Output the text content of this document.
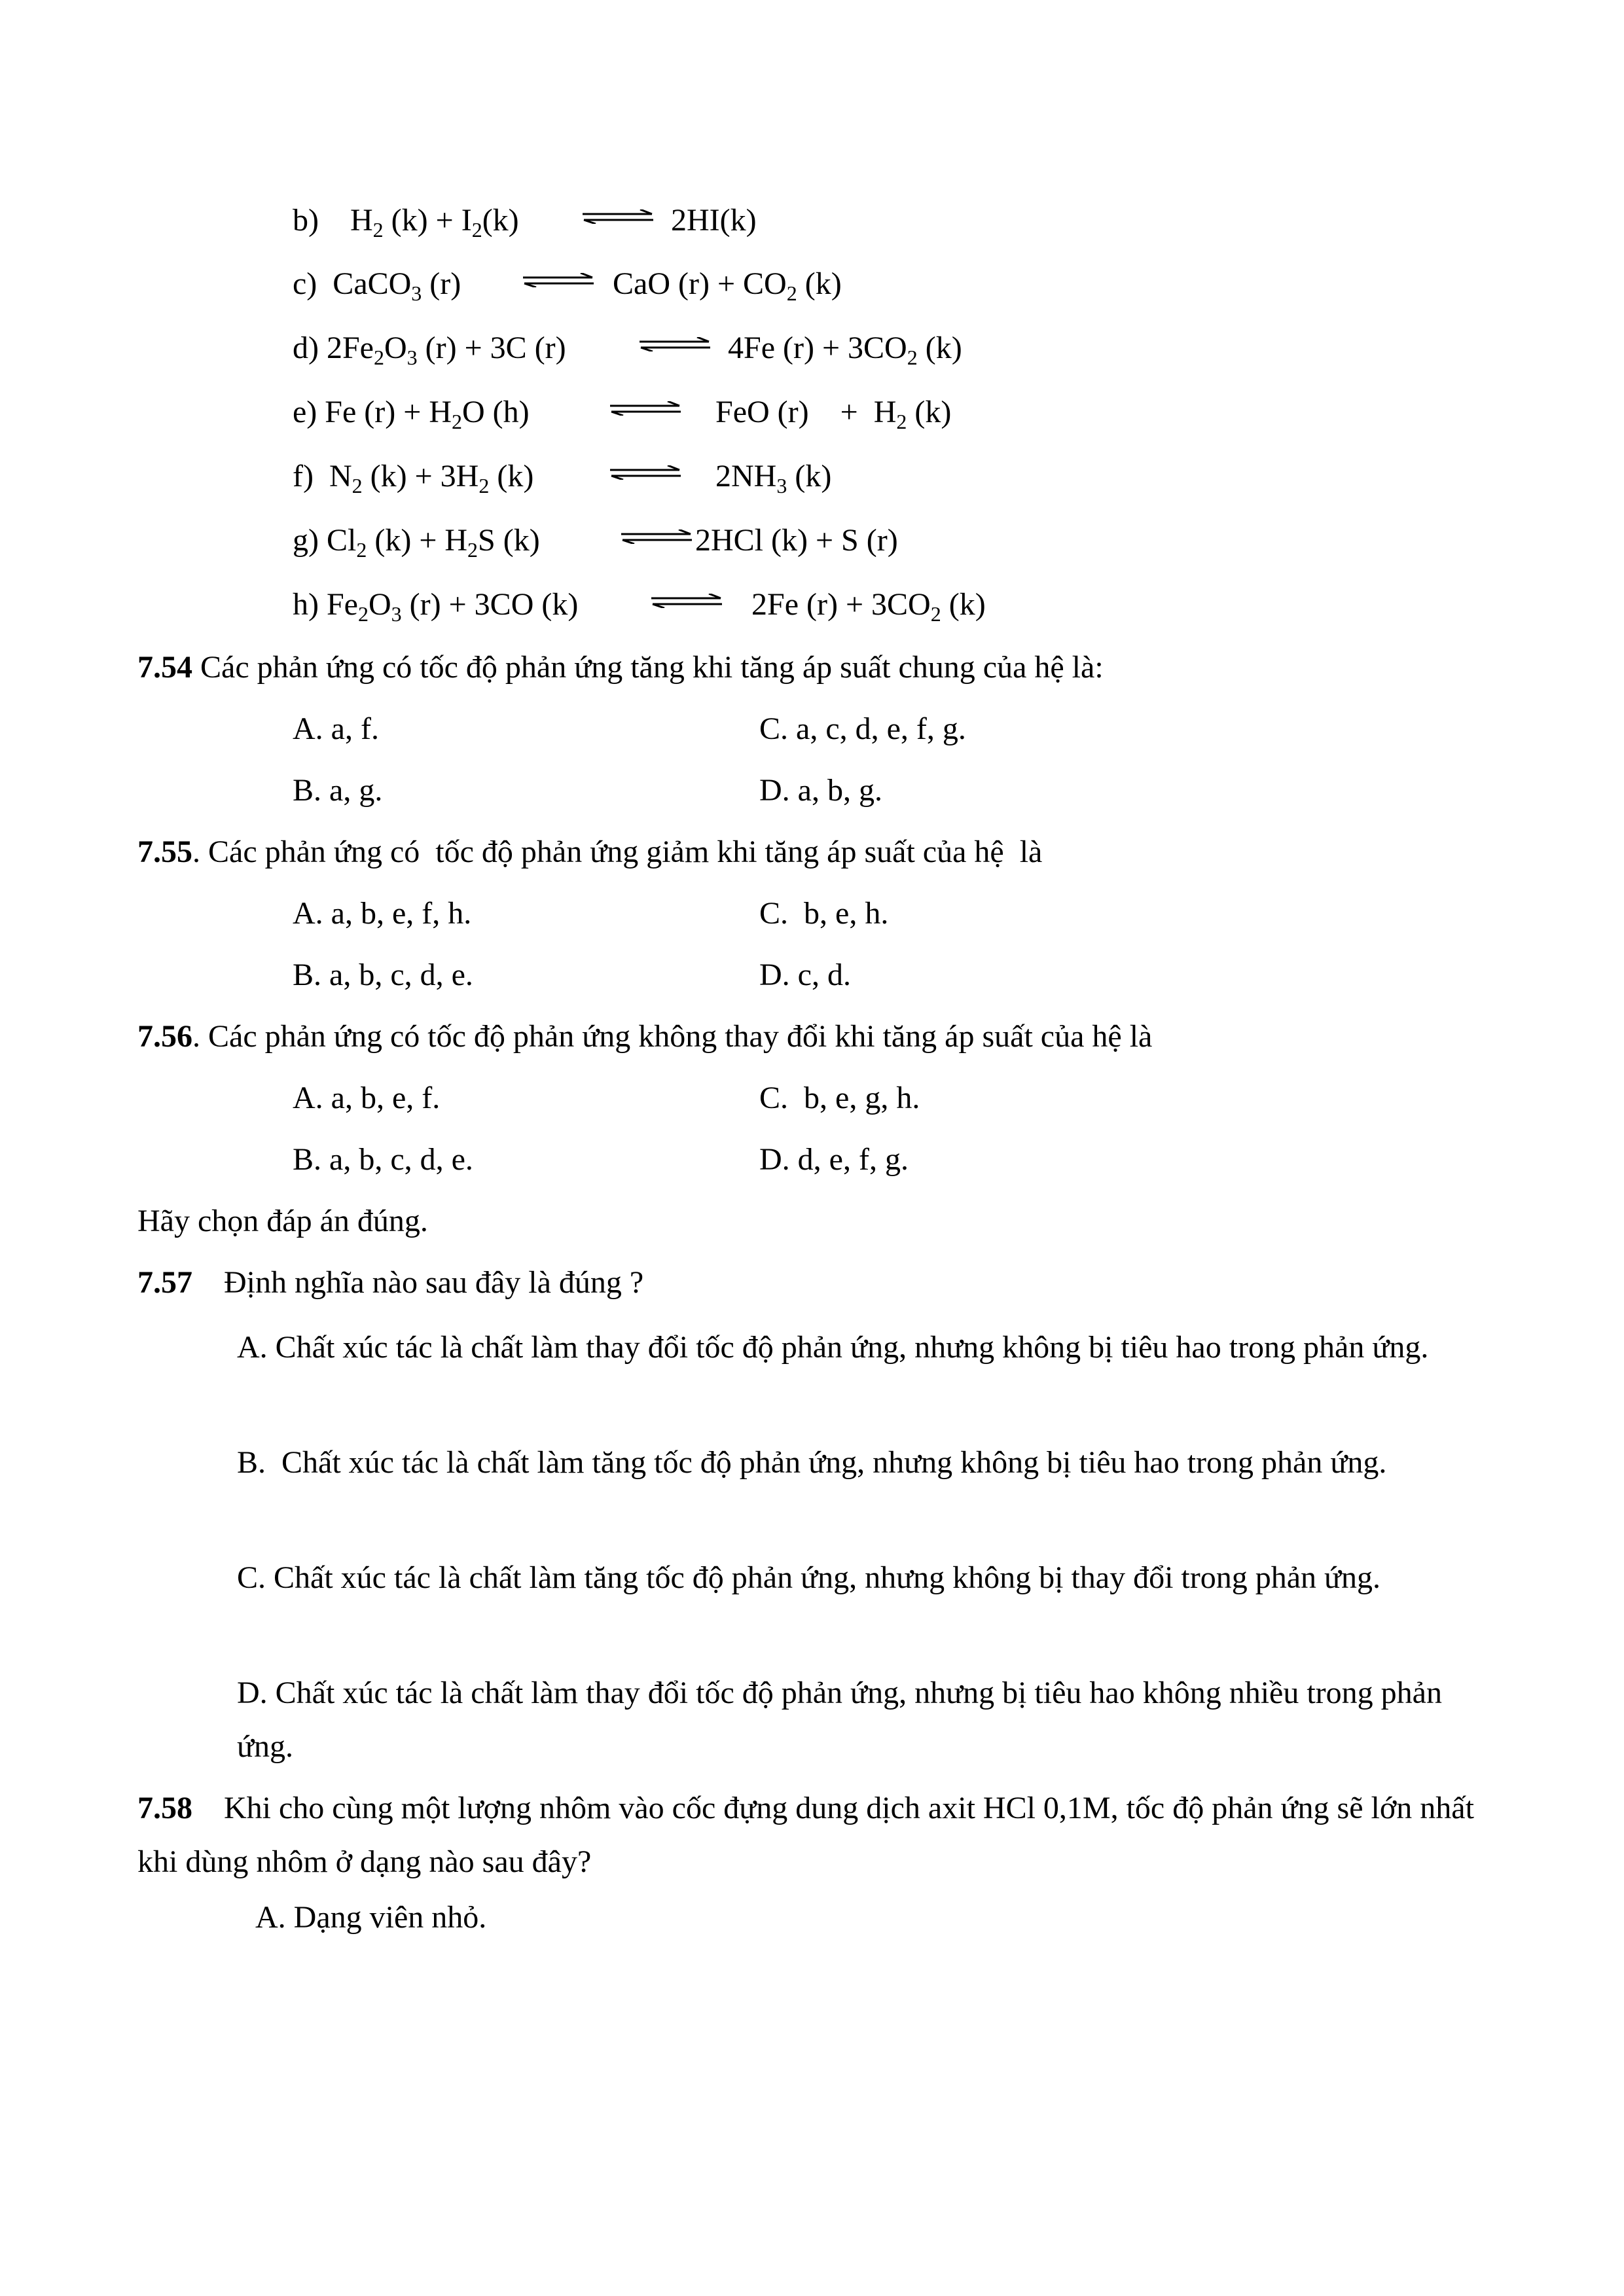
b) $H_2$ $(k) + I_2(k)$	2HI(k)
c) CaCO$_3$ (r)	CaO $(r) + CO_2$ (k)
d) $2Fe_2O_3$ (r) + 3C (r)	4Fe $(r) + 3CO_2$ (k)
e) Fe $(r) + H_2O$ (h)	FeO (r)    +  $H_2$ (k)
f) $N_2$ $(k) + 3H_2$ (k)	$2NH_3$ (k)
g) $Cl_2$ $(k) + H_2S$ (k)	2HCl (k) + S (r)
h) $Fe_2O_3$ (r) + 3CO (k)	2Fe $(r) + 3CO_2$ (k)
7.54 Các phản ứng có tốc độ phản ứng tăng khi tăng áp suất chung của hệ là:
A. a, f.	C. a, c, d, e, f, g.
B. a, g.	D. a, b, g.
7.55. Các phản ứng có  tốc độ phản ứng giảm khi tăng áp suất của hệ  là
A. a, b, e, f, h.	C.  b, e, h.
B. a, b, c, d, e.	D. c, d.
7.56. Các phản ứng có tốc độ phản ứng không thay đổi khi tăng áp suất của hệ là
A. a, b, e, f.	C.  b, e, g, h.
B. a, b, c, d, e.	D. d, e, f, g.
Hãy chọn đáp án đúng.
7.57 Định nghĩa nào sau đây là đúng ?
A. Chất xúc tác là chất làm thay đổi tốc độ phản ứng, nhưng không bị tiêu hao trong phản ứng.
B.  Chất xúc tác là chất làm tăng tốc độ phản ứng, nhưng không bị tiêu hao trong phản ứng.
C. Chất xúc tác là chất làm tăng tốc độ phản ứng, nhưng không bị thay đổi trong phản ứng.
D. Chất xúc tác là chất làm thay đổi tốc độ phản ứng, nhưng bị tiêu hao không nhiều trong phản ứng.
7.58 Khi cho cùng một lượng nhôm vào cốc đựng dung dịch axit HCl 0,1M, tốc độ phản ứng sẽ lớn nhất khi dùng nhôm ở dạng nào sau đây?
A. Dạng viên nhỏ.
